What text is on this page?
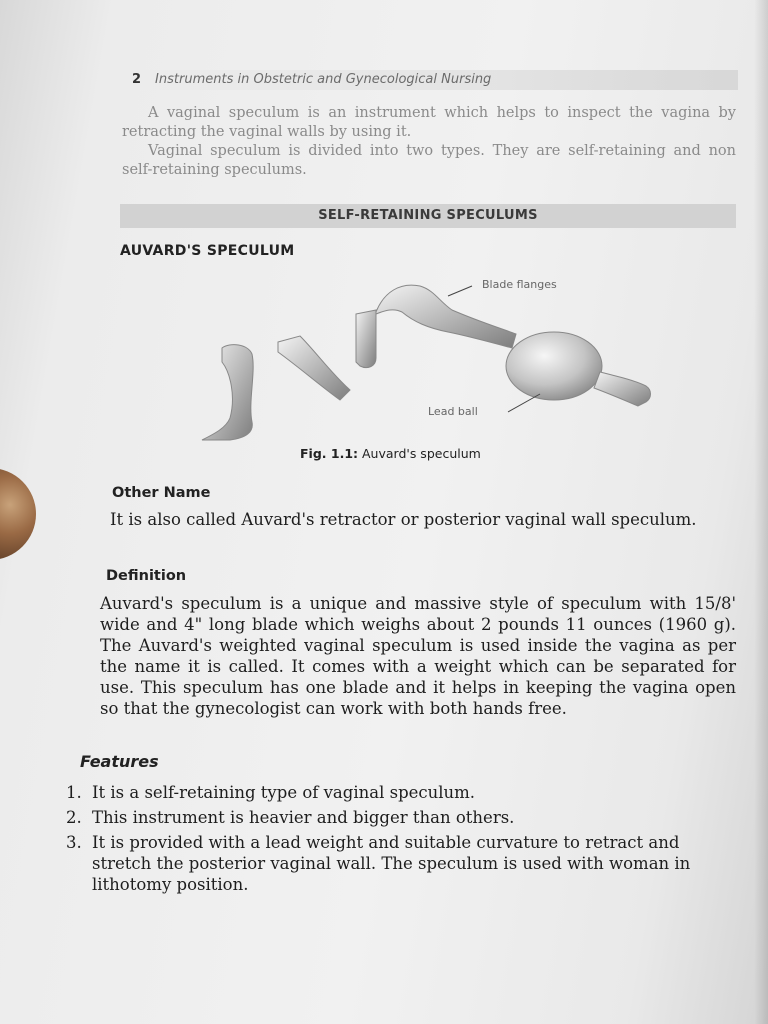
2 Instruments in Obstetric and Gynecological Nursing

A vaginal speculum is an instrument which helps to inspect the vagina by retracting the vaginal walls by using it.

Vaginal speculum is divided into two types. They are self-retaining and non self-retaining speculums.

SELF-RETAINING SPECULUMS
AUVARD'S SPECULUM
Blade flanges
Lead ball
Fig. 1.1: Auvard's speculum
Other Name

It is also called Auvard's retractor or posterior vaginal wall speculum.

Definition

Auvard's speculum is a unique and massive style of speculum with 15/8' wide and 4" long blade which weighs about 2 pounds 11 ounces (1960 g). The Auvard's weighted vaginal speculum is used inside the vagina as per the name it is called. It comes with a weight which can be separated for use. This speculum has one blade and it helps in keeping the vagina open so that the gynecologist can work with both hands free.

Features
1. It is a self-retaining type of vaginal speculum.
2. This instrument is heavier and bigger than others.
3. It is provided with a lead weight and suitable curvature to retract and stretch the posterior vaginal wall. The speculum is used with woman in lithotomy position.
